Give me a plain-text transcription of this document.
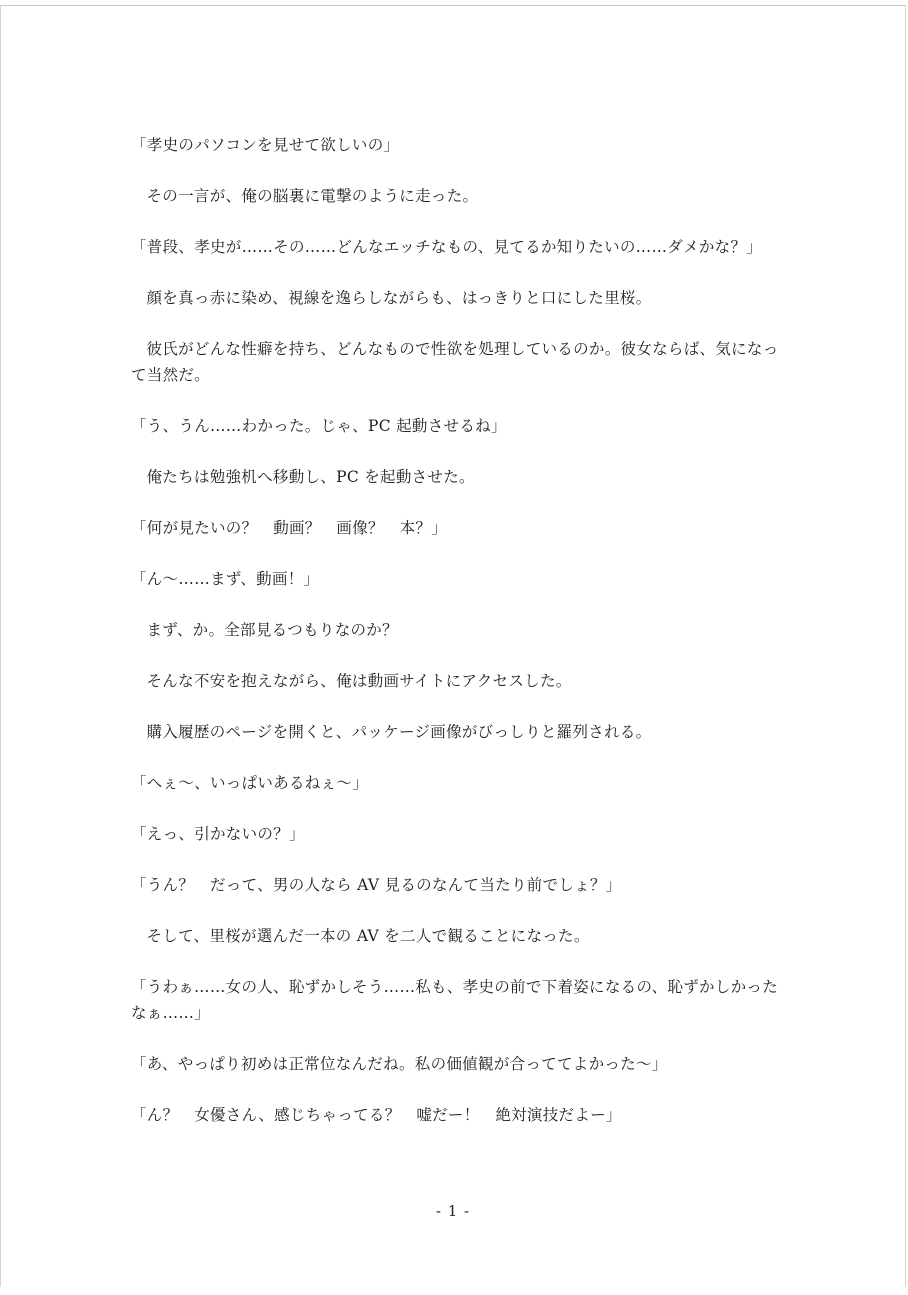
「孝史のパソコンを見せて欲しいの」

その一言が、俺の脳裏に電撃のように走った。

「普段、孝史が……その……どんなエッチなもの、見てるか知りたいの……ダメかな？」

顔を真っ赤に染め、視線を逸らしながらも、はっきりと口にした里桜。

彼氏がどんな性癖を持ち、どんなもので性欲を処理しているのか。彼女ならば、気になって当然だ。

「う、うん……わかった。じゃ、PC 起動させるね」

俺たちは勉強机へ移動し、PC を起動させた。

「何が見たいの？　動画？　画像？　本？」

「ん～……まず、動画！」

まず、か。全部見るつもりなのか？

そんな不安を抱えながら、俺は動画サイトにアクセスした。

購入履歴のページを開くと、パッケージ画像がびっしりと羅列される。

「へぇ～、いっぱいあるねぇ～」

「えっ、引かないの？」

「うん？　だって、男の人なら AV 見るのなんて当たり前でしょ？」

そして、里桜が選んだ一本の AV を二人で観ることになった。

「うわぁ……女の人、恥ずかしそう……私も、孝史の前で下着姿になるの、恥ずかしかったなぁ……」

「あ、やっぱり初めは正常位なんだね。私の価値観が合っててよかった～」

「ん？　女優さん、感じちゃってる？　嘘だー！　絶対演技だよー」

- 1 -
